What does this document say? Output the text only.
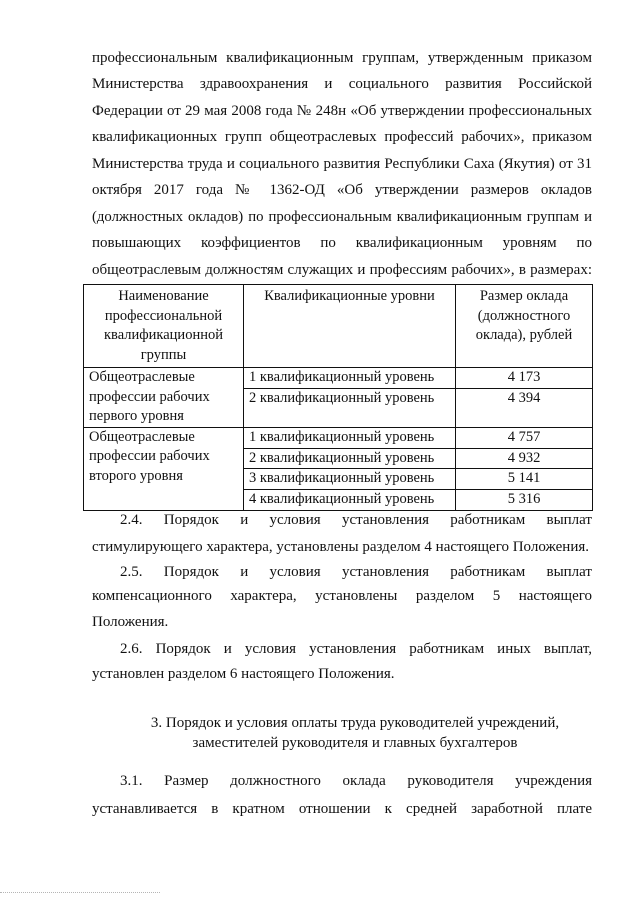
профессиональным квалификационным группам, утвержденным приказом
Министерства здравоохранения и социального развития Российской
Федерации от 29 мая 2008 года № 248н «Об утверждении профессиональных
квалификационных групп общеотраслевых профессий рабочих», приказом
Министерства труда и социального развития Республики Саха (Якутия) от 31
октября 2017 года № 1362-ОД «Об утверждении размеров окладов
(должностных окладов) по профессиональным квалификационным группам и
повышающих коэффициентов по квалификационным уровням по
общеотраслевым должностям служащих и профессиям рабочих», в размерах:
Наименование
профессиональной
квалификационной
группы	Квалификационные уровни	Размер оклада
(должностного
оклада), рублей

Общеотраслевые
профессии рабочих
первого уровня	1 квалификационный уровень	4 173
	2 квалификационный уровень	4 394

Общеотраслевые
профессии рабочих
второго уровня	1 квалификационный уровень	4 757
	2 квалификационный уровень	4 932
	3 квалификационный уровень	5 141
	4 квалификационный уровень	5 316
2.4. Порядок и условия установления работникам выплат
стимулирующего характера, установлены разделом 4 настоящего Положения.
2.5. Порядок и условия установления работникам выплат
компенсационного характера, установлены разделом 5 настоящего
Положения.
2.6. Порядок и условия установления работникам иных выплат,
установлен разделом 6 настоящего Положения.
3. Порядок и условия оплаты труда руководителей учреждений,
заместителей руководителя и главных бухгалтеров
3.1. Размер должностного оклада руководителя учреждения
устанавливается в кратном отношении к средней заработной плате
